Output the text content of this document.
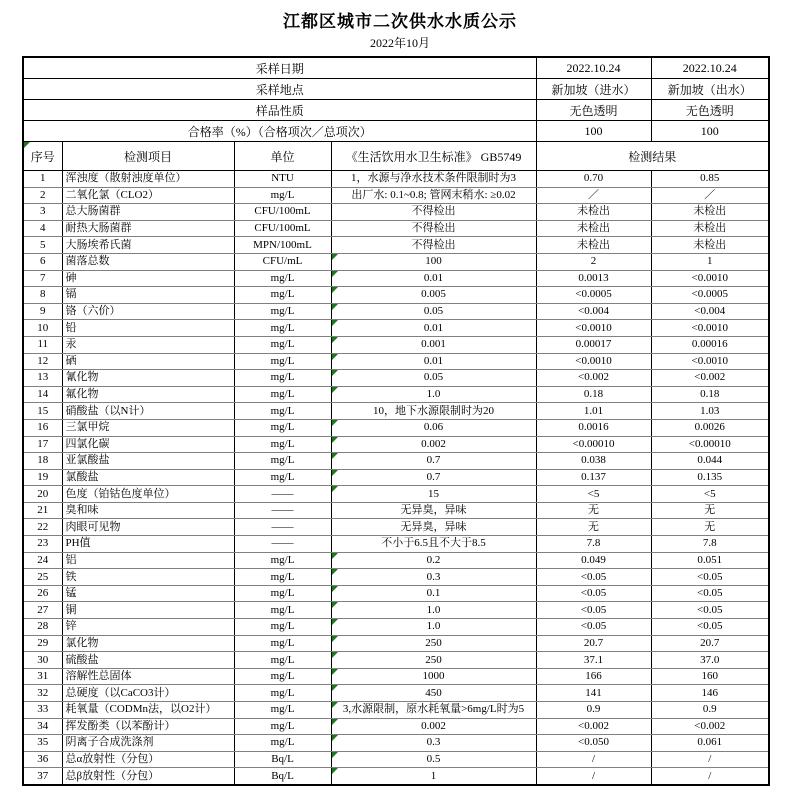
江都区城市二次供水水质公示
2022年10月
采样日期				2022.10.24	2022.10.24
采样地点				新加坡（进水）	新加坡（出水）
样品性质				无色透明	无色透明
合格率（%）（合格项次／总项次）				100	100

序号	检测项目	单位	《生活饮用水卫生标准》 GB5749	检测结果	
1	浑浊度（散射浊度单位）	NTU	1，水源与净水技术条件限制时为3	0.70	0.85
2	二氧化氯（CLO2）	mg/L	出厂水: 0.1~0.8; 管网末稍水: ≥0.02	／	／
3	总大肠菌群	CFU/100mL	不得检出	未检出	未检出
4	耐热大肠菌群	CFU/100mL	不得检出	未检出	未检出
5	大肠埃希氏菌	MPN/100mL	不得检出	未检出	未检出
6	菌落总数	CFU/mL	100	2	1
7	砷	mg/L	0.01	0.0013	<0.0010
8	镉	mg/L	0.005	<0.0005	<0.0005
9	铬（六价）	mg/L	0.05	<0.004	<0.004
10	铅	mg/L	0.01	<0.0010	<0.0010
11	汞	mg/L	0.001	0.00017	0.00016
12	硒	mg/L	0.01	<0.0010	<0.0010
13	氰化物	mg/L	0.05	<0.002	<0.002
14	氟化物	mg/L	1.0	0.18	0.18
15	硝酸盐（以N计）	mg/L	10，地下水源限制时为20	1.01	1.03
16	三氯甲烷	mg/L	0.06	0.0016	0.0026
17	四氯化碳	mg/L	0.002	<0.00010	<0.00010
18	亚氯酸盐	mg/L	0.7	0.038	0.044
19	氯酸盐	mg/L	0.7	0.137	0.135
20	色度（铂钴色度单位）	——	15	<5	<5
21	臭和味	——	无异臭，异味	无	无
22	肉眼可见物	——	无异臭，异味	无	无
23	PH值	——	不小于6.5且不大于8.5	7.8	7.8
24	铝	mg/L	0.2	0.049	0.051
25	铁	mg/L	0.3	<0.05	<0.05
26	锰	mg/L	0.1	<0.05	<0.05
27	铜	mg/L	1.0	<0.05	<0.05
28	锌	mg/L	1.0	<0.05	<0.05
29	氯化物	mg/L	250	20.7	20.7
30	硫酸盐	mg/L	250	37.1	37.0
31	溶解性总固体	mg/L	1000	166	160
32	总硬度（以CaCO3计）	mg/L	450	141	146
33	耗氧量（CODMn法，以O2计）	mg/L	3,水源限制，原水耗氧量>6mg/L时为5	0.9	0.9
34	挥发酚类（以苯酚计）	mg/L	0.002	<0.002	<0.002
35	阴离子合成洗涤剂	mg/L	0.3	<0.050	0.061
36	总α放射性（分包）	Bq/L	0.5	/	/
37	总β放射性（分包）	Bq/L	1	/	/
